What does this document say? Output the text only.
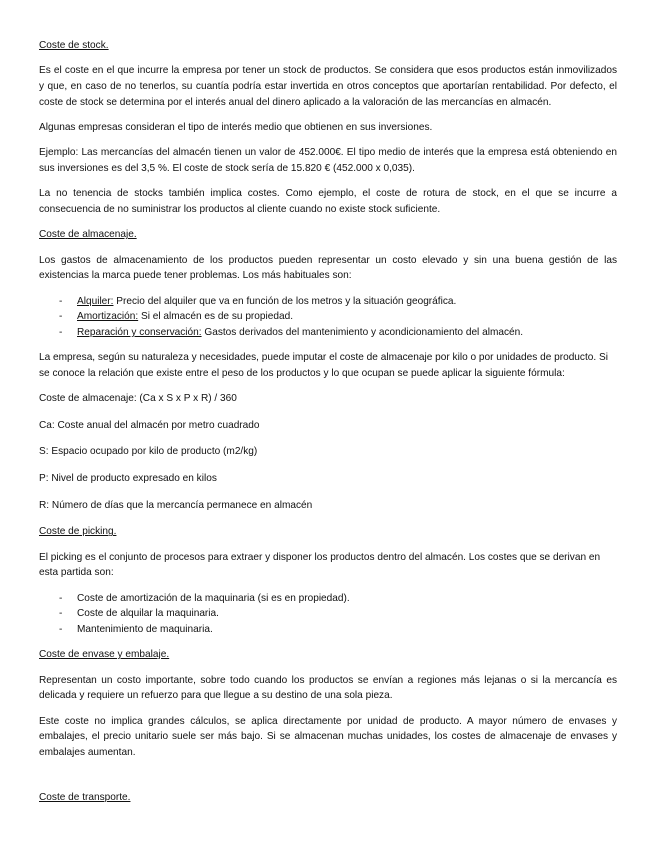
Coste de stock.

Es el coste en el que incurre la empresa por tener un stock de productos. Se considera que esos productos están inmovilizados y que, en caso de no tenerlos, su cuantía podría estar invertida en otros conceptos que aportarían rentabilidad. Por defecto, el coste de stock se determina por el interés anual del dinero aplicado a la valoración de las mercancías en almacén.

Algunas empresas consideran el tipo de interés medio que obtienen en sus inversiones.

Ejemplo: Las mercancías del almacén tienen un valor de 452.000€. El tipo medio de interés que la empresa está obteniendo en sus inversiones es del 3,5 %. El coste de stock sería de 15.820 € (452.000 x 0,035).

La no tenencia de stocks también implica costes. Como ejemplo, el coste de rotura de stock, en el que se incurre a consecuencia de no suministrar los productos al cliente cuando no existe stock suficiente.

Coste de almacenaje.

Los gastos de almacenamiento de los productos pueden representar un costo elevado y sin una buena gestión de las existencias la marca puede tener problemas. Los más habituales son:

- Alquiler: Precio del alquiler que va en función de los metros y la situación geográfica.
- Amortización: Si el almacén es de su propiedad.
- Reparación y conservación: Gastos derivados del mantenimiento y acondicionamiento del almacén.

La empresa, según su naturaleza y necesidades, puede imputar el coste de almacenaje por kilo o por unidades de producto. Si se conoce la relación que existe entre el peso de los productos y lo que ocupan se puede aplicar la siguiente fórmula:

Coste de almacenaje: (Ca x S x P x R) / 360

Ca: Coste anual del almacén por metro cuadrado

S: Espacio ocupado por kilo de producto (m2/kg)

P: Nivel de producto expresado en kilos

R: Número de días que la mercancía permanece en almacén

Coste de picking.

El picking es el conjunto de procesos para extraer y disponer los productos dentro del almacén. Los costes que se derivan en esta partida son:

- Coste de amortización de la maquinaria (si es en propiedad).
- Coste de alquilar la maquinaria.
- Mantenimiento de maquinaria.
Coste de envase y embalaje.

Representan un costo importante, sobre todo cuando los productos se envían a regiones más lejanas o si la mercancía es delicada y requiere un refuerzo para que llegue a su destino de una sola pieza.

Este coste no implica grandes cálculos, se aplica directamente por unidad de producto. A mayor número de envases y embalajes, el precio unitario suele ser más bajo. Si se almacenan muchas unidades, los costes de almacenaje de envases y embalajes aumentan.

Coste de transporte.
